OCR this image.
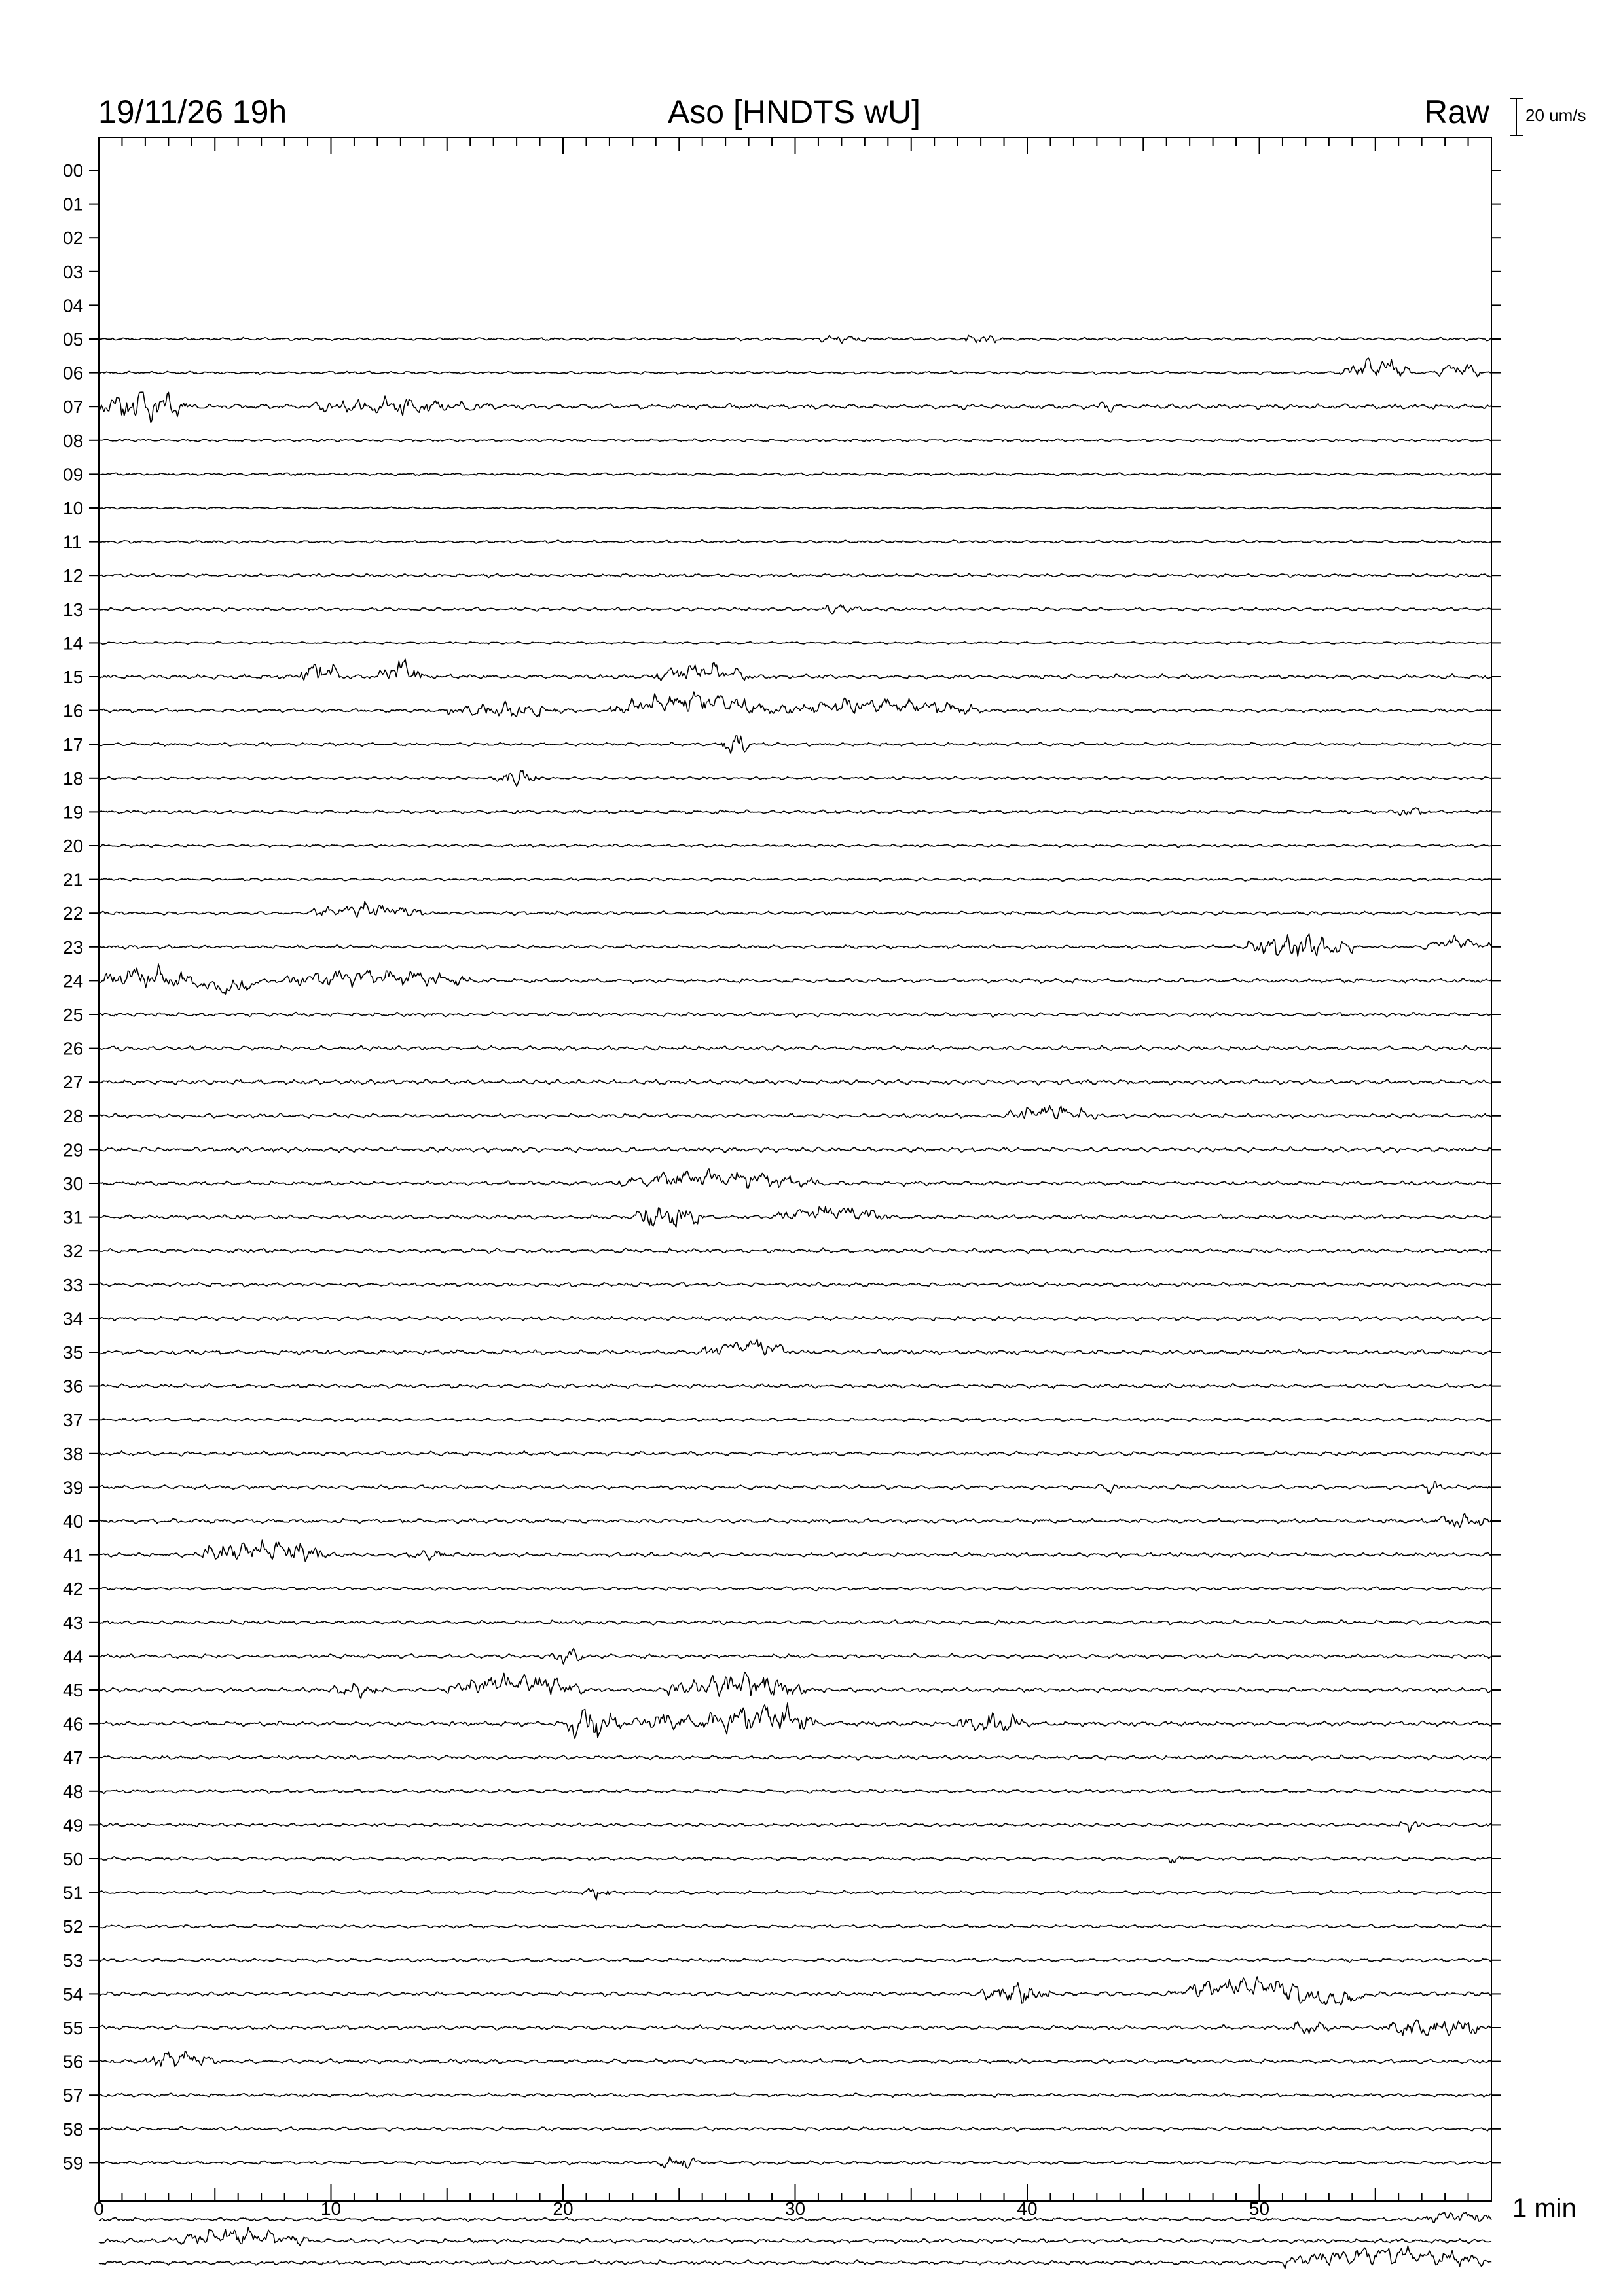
19/11/26 19h	Aso [HNDTS wU]	Raw 20 um/s
00
01
02
03
04
05
06
07
08
09
10
11
12
13
14
15
16
17
18
19
20
21
22
23
24
25
26
27
28
29
30
31
32
33
34
35
36
37
38
39
40
41
42
43
44
45
46
47
48
49
50
51
52
53
54
55
56
57
58
59
0	10	20	30	40	50	1 min
